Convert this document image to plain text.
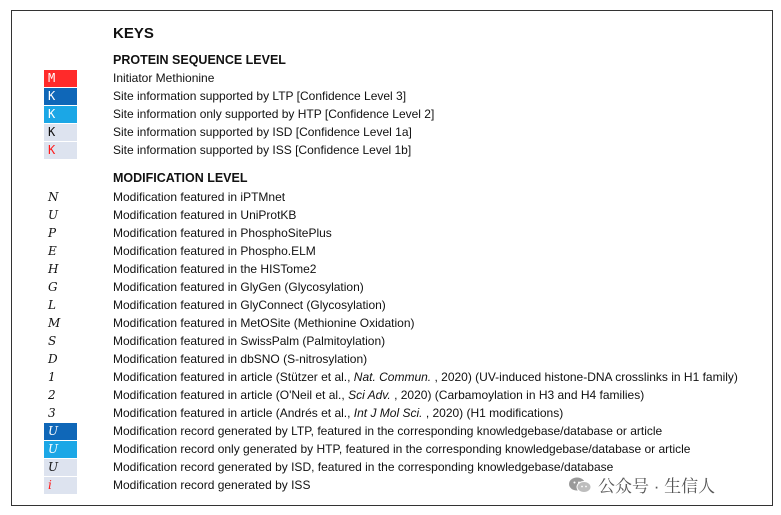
KEYS
PROTEIN SEQUENCE LEVEL
M	Initiator Methionine
K	Site information supported by LTP [Confidence Level 3]
K	Site information only supported by HTP [Confidence Level 2]
K	Site information supported by ISD [Confidence Level 1a]
K	Site information supported by ISS [Confidence Level 1b]
MODIFICATION LEVEL
N	Modification featured in iPTMnet
U	Modification featured in UniProtKB
P	Modification featured in PhosphoSitePlus
E	Modification featured in Phospho.ELM
H	Modification featured in the HISTome2
G	Modification featured in GlyGen (Glycosylation)
L	Modification featured in GlyConnect (Glycosylation)
M	Modification featured in MetOSite (Methionine Oxidation)
S	Modification featured in SwissPalm (Palmitoylation)
D	Modification featured in dbSNO (S-nitrosylation)
1	Modification featured in article (Stützer et al., Nat. Commun. , 2020) (UV-induced histone-DNA crosslinks in H1 family)
2	Modification featured in article (O'Neil et al., Sci Adv. , 2020) (Carbamoylation in H3 and H4 families)
3	Modification featured in article (Andrés et al., Int J Mol Sci. , 2020) (H1 modifications)
U	Modification record generated by LTP, featured in the corresponding knowledgebase/database or article
U	Modification record only generated by HTP, featured in the corresponding knowledgebase/database or article
U	Modification record generated by ISD, featured in the corresponding knowledgebase/database
i	Modification record generated by ISS	公众号 · 生信人
